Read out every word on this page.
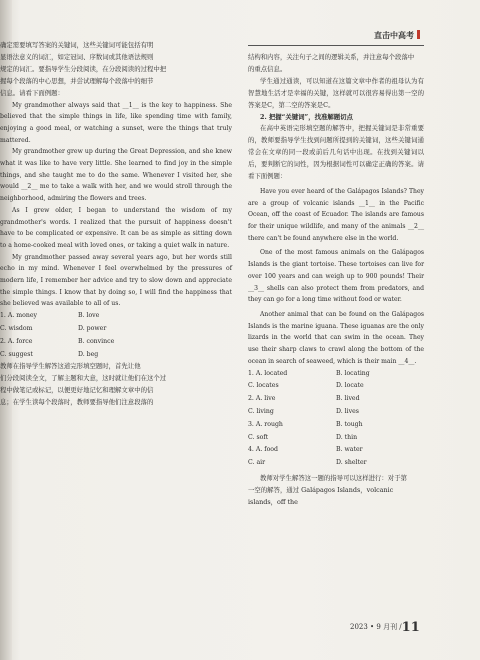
直击中高考
确定需要填写答案的关键词，这些关键词可能包括有明
显语法意义的词汇，如定冠词、序数词或其他语法规则
规定的词汇。要指导学生分段阅读，在分段阅读的过程中把
握每个段落的中心思想，并尝试理解每个段落中的细节
信息。请看下面例题：
My grandmother always said that __1__ is the key to happiness. She believed that the simple things in life, like spending time with family, enjoying a good meal, or watching a sunset, were the things that truly mattered.
My grandmother grew up during the Great Depression, and she knew what it was like to have very little. She learned to find joy in the simple things, and she taught me to do the same. Whenever I visited her, she would __2__ me to take a walk with her, and we would stroll through the neighborhood, admiring the flowers and trees.
As I grew older, I began to understand the wisdom of my grandmother's words. I realized that the pursuit of happiness doesn't have to be complicated or expensive. It can be as simple as sitting down to a home-cooked meal with loved ones, or taking a quiet walk in nature.
My grandmother passed away several years ago, but her words still echo in my mind. Whenever I feel overwhelmed by the pressures of modern life, I remember her advice and try to slow down and appreciate the simple things. I know that by doing so, I will find the happiness that she believed was available to all of us.
1. A. money	B. love
C. wisdom	D. power
2. A. force	B. convince
C. suggest	D. beg
教师在指导学生解答这道完形填空题时，首先让他
们分段阅读全文，了解主题和大意，这时就让他们在这个过
程中做笔记或标记，以便更好地记忆和理解文章中的信
息；在学生读每个段落时，教师要指导他们注意段落的
结构和内容，关注句子之间的逻辑关系，并注意每个段落中
的重点信息。
学生通过通读，可以知道在这篇文章中作者的祖母认为有智慧地生活才是幸福的关键，这样就可以很容易得出第一空的答案是C，第二空的答案是C。
2. 把握“关键词”，找准解题切点
在高中英语完形填空题的解答中，把握关键词是非常重要的，教师要指导学生找到问题所提到的关键词，这些关键词通常会在文章的同一段或前后几句话中出现。在找到关键词以后，要判断它的词性，因为根据词性可以确定正确的答案。请看下面例题：
Have you ever heard of the Galápagos Islands? They are a group of volcanic islands __1__ in the Pacific Ocean, off the coast of Ecuador. The islands are famous for their unique wildlife, and many of the animals __2__ there can't be found anywhere else in the world.
One of the most famous animals on the Galápagos Islands is the giant tortoise. These tortoises can live for over 100 years and can weigh up to 900 pounds! Their __3__ shells can also protect them from predators, and they can go for a long time without food or water.
Another animal that can be found on the Galápagos Islands is the marine iguana. These iguanas are the only lizards in the world that can swim in the ocean. They use their sharp claws to crawl along the bottom of the ocean in search of seaweed, which is their main __4__.
1. A. located	B. locating
C. locates	D. locate
2. A. live	B. lived
C. living	D. lives
3. A. rough	B. tough
C. soft	D. thin
4. A. food	B. water
C. air	D. shelter
教师对学生解答这一题的指导可以这样进行：对于第
一空的解答，通过 Galápagos Islands，volcanic islands，off the
2023 • 9 月刊 /11
